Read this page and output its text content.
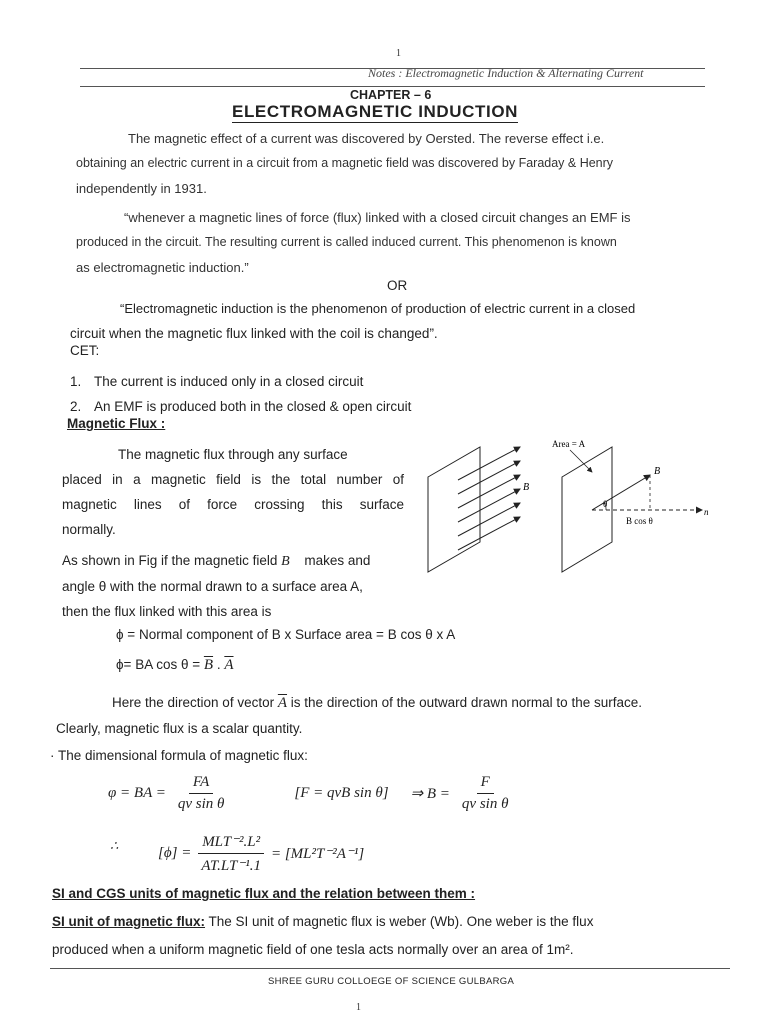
1
Notes : Electromagnetic Induction & Alternating Current
CHAPTER – 6
ELECTROMAGNETIC INDUCTION
The magnetic effect of a current was discovered by Oersted. The reverse effect i.e.
obtaining an electric current in a circuit from a magnetic field was discovered by Faraday & Henry
independently in 1931.
“whenever a magnetic lines of force (flux) linked with a closed circuit changes an EMF is
produced in the circuit. The resulting current is called induced current. This phenomenon is known
as electromagnetic induction.”
OR
“Electromagnetic induction is the phenomenon of production of electric current in a closed
circuit when the magnetic flux linked with the coil is changed”.
CET:
1. The current is induced only in a closed circuit
2. An EMF is produced both in the closed & open circuit
Magnetic Flux :
The magnetic flux through any surface
placed in a magnetic field is the total number of
magnetic lines of force crossing this surface
normally.
B
Area = A
B
n
θ
B cos θ
As shown in Fig if the magnetic field B⃗ makes and
angle θ with the normal drawn to a surface area A,
then the flux linked with this area is
ϕ = Normal component of B x Surface area = B cos θ x A
ϕ= BA $\cos \theta = \overline{B}$ . $\overline{A}$
Here the direction of vector $\overline{A}$ is the direction of the outward drawn normal to the surface.
Clearly, magnetic flux is a scalar quantity.
· The dimensional formula of magnetic flux:
φ = BA = $\frac{FA}{\text{qv sin θ}}$	[F = qvB sin θ] ⇒ $B = \frac{F}{\text{qv sin θ}}$
∴	$[\phi] = \frac{\text{MLT⁻².L²}}{\text{AT.LT⁻¹.1}} = [ML^2T^{-2}A^{-1}]$
SI and CGS units of magnetic flux and the relation between them :
SI unit of magnetic flux: The SI unit of magnetic flux is weber (Wb). One weber is the flux
produced when a uniform magnetic field of one tesla acts normally over an area of 1m².
SHREE GURU COLLOEGE OF SCIENCE GULBARGA
1
